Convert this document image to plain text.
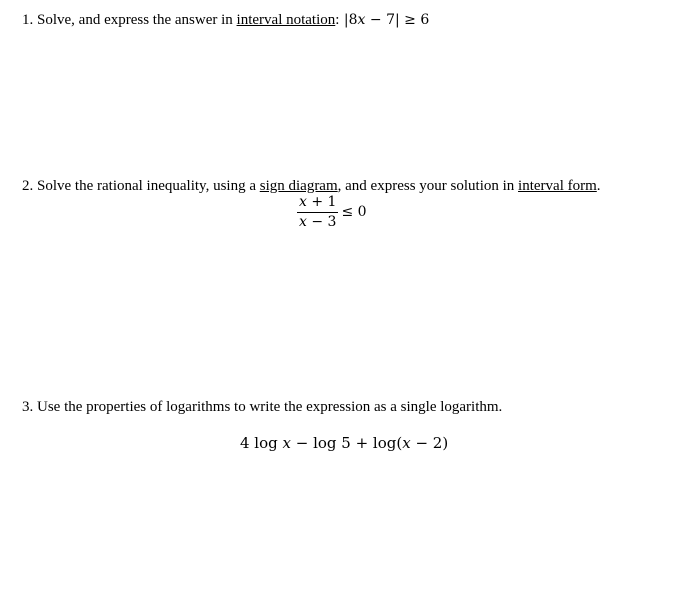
1. Solve, and express the answer in interval notation: |8x − 7| ≥ 6
2. Solve the rational inequality, using a sign diagram, and express your solution in interval form.
$\frac{x + 1}{x - 3} \le 0$
3. Use the properties of logarithms to write the expression as a single logarithm.
4 log x − log 5 + log(x − 2)
